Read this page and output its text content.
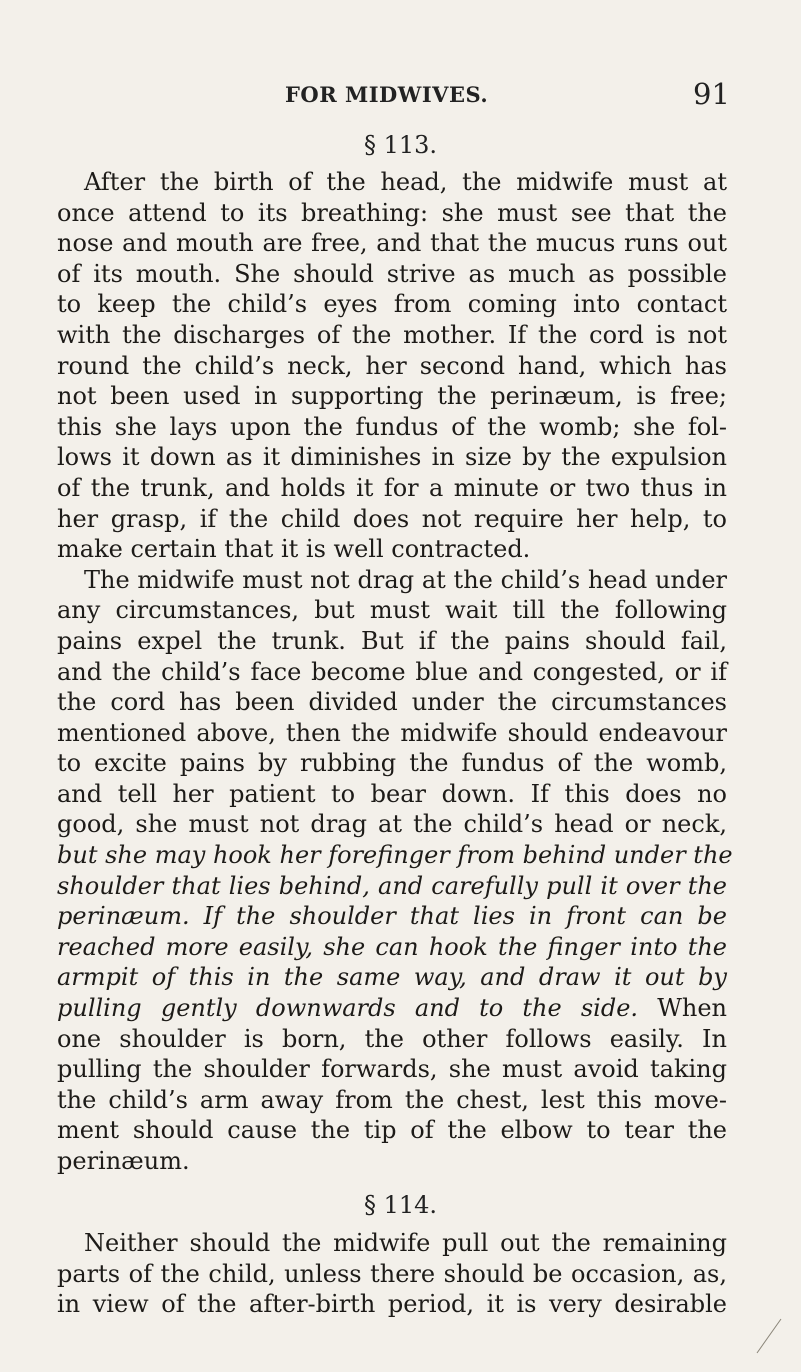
FOR MIDWIVES.	91
§ 113.
After the birth of the head, the midwife must at
once attend to its breathing: she must see that the
nose and mouth are free, and that the mucus runs out
of its mouth. She should strive as much as possible
to keep the child’s eyes from coming into contact
with the discharges of the mother. If the cord is not
round the child’s neck, her second hand, which has
not been used in supporting the perinæum, is free;
this she lays upon the fundus of the womb; she fol-
lows it down as it diminishes in size by the expulsion
of the trunk, and holds it for a minute or two thus in
her grasp, if the child does not require her help, to
make certain that it is well contracted.
The midwife must not drag at the child’s head under
any circumstances, but must wait till the following
pains expel the trunk. But if the pains should fail,
and the child’s face become blue and congested, or if
the cord has been divided under the circumstances
mentioned above, then the midwife should endeavour
to excite pains by rubbing the fundus of the womb,
and tell her patient to bear down. If this does no
good, she must not drag at the child’s head or neck,
but she may hook her forefinger from behind under the
shoulder that lies behind, and carefully pull it over the
perinæum. If the shoulder that lies in front can be
reached more easily, she can hook the finger into the
armpit of this in the same way, and draw it out by
pulling gently downwards and to the side. When
one shoulder is born, the other follows easily. In
pulling the shoulder forwards, she must avoid taking
the child’s arm away from the chest, lest this move-
ment should cause the tip of the elbow to tear the
perinæum.
§ 114.
Neither should the midwife pull out the remaining
parts of the child, unless there should be occasion, as,
in view of the after-birth period, it is very desirable
